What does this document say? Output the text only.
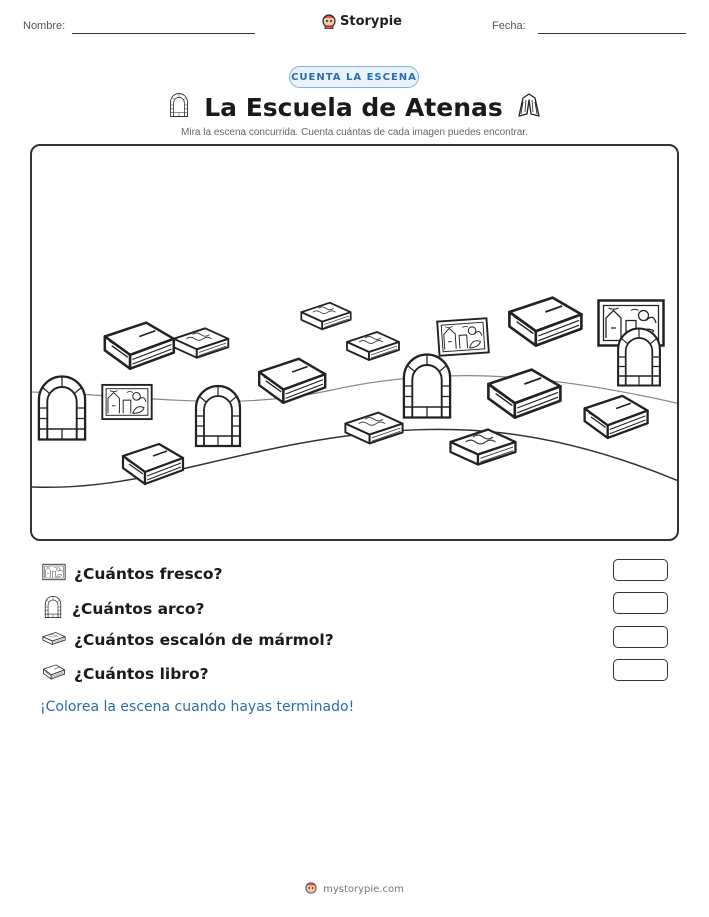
Nombre:	Storypie	Fecha:
CUENTA LA ESCENA
La Escuela de Atenas
Mira la escena concurrida. Cuenta cuántas de cada imagen puedes encontrar.
¿Cuántos fresco?
¿Cuántos arco?
¿Cuántos escalón de mármol?
¿Cuántos libro?
¡Colorea la escena cuando hayas terminado!
mystorypie.com
